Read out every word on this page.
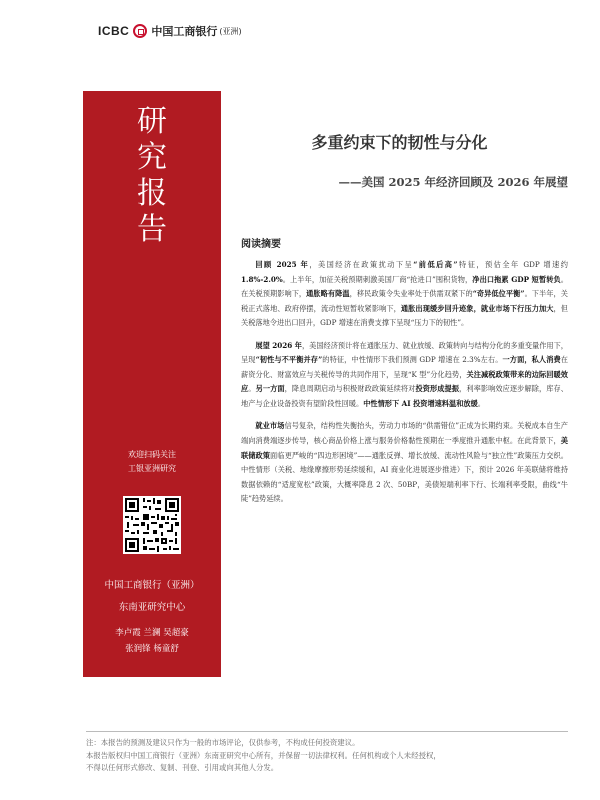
ICBC 中国工商银行 (亚洲)
研
究
报
告
欢迎扫码关注
工银亚洲研究
中国工商银行（亚洲）
东南亚研究中心
李卢霞 兰澜 吴超豪
张润锋 杨童舒
多重约束下的韧性与分化
——美国 2025 年经济回顾及 2026 年展望
阅读摘要

回顾 2025 年，美国经济在政策扰动下呈“前低后高”特征，预估全年 GDP 增速约 1.8%-2.0%。上半年，加征关税预期刺激美国厂商“抢进口”囤积货物，净出口拖累 GDP 短暂转负。在关税预期影响下，通胀略有降温，移民政策令失业率处于供需双紧下的“奇异低位平衡”。下半年，关税正式落地、政府停摆，流动性短暂收紧影响下，通胀出现缓步回升迹象，就业市场下行压力加大，但关税落地令进出口回升，GDP 增速在消费支撑下呈现“压力下的韧性”。

展望 2026 年，美国经济预计将在通胀压力、就业放缓、政策转向与结构分化的多重变量作用下，呈现“韧性与不平衡并存”的特征，中性情形下我们预测 GDP 增速在 2.3%左右。一方面，私人消费在薪资分化、财富效应与关税传导的共同作用下，呈现“K 型”分化趋势，关注减税政策带来的边际回暖效应。另一方面，降息周期启动与积极财政政策延续将对投资形成提振，利率影响效应逐步解除，库存、地产与企业设备投资有望阶段性回暖。中性情形下 AI 投资增速料温和放缓。

就业市场信号复杂，结构性失衡抬头，劳动力市场的“供需错位”正成为长期约束。关税成本自生产端向消费端逐步传导，核心商品价格上涨与服务价格黏性预期在一季度推升通胀中枢。在此背景下，美联储政策面临更严峻的“四边形困境”——通胀反弹、增长放缓、流动性风险与“独立性”政策压力交织。中性情形（关税、地缘摩擦形势延续缓和，AI 商业化进展逐步推进）下，预计 2026 年美联储将维持数据依赖的“适度宽松”政策，大概率降息 2 次、50BP，美债短端利率下行、长端利率受限，曲线“牛陡”趋势延续。

注：本报告的预测及建议只作为一般的市场评论，仅供参考，不构成任何投资建议。
本报告版权归中国工商银行（亚洲）东南亚研究中心所有，并保留一切法律权利。任何机构或个人未经授权，
不得以任何形式修改、复制、刊登、引用或向其他人分发。
